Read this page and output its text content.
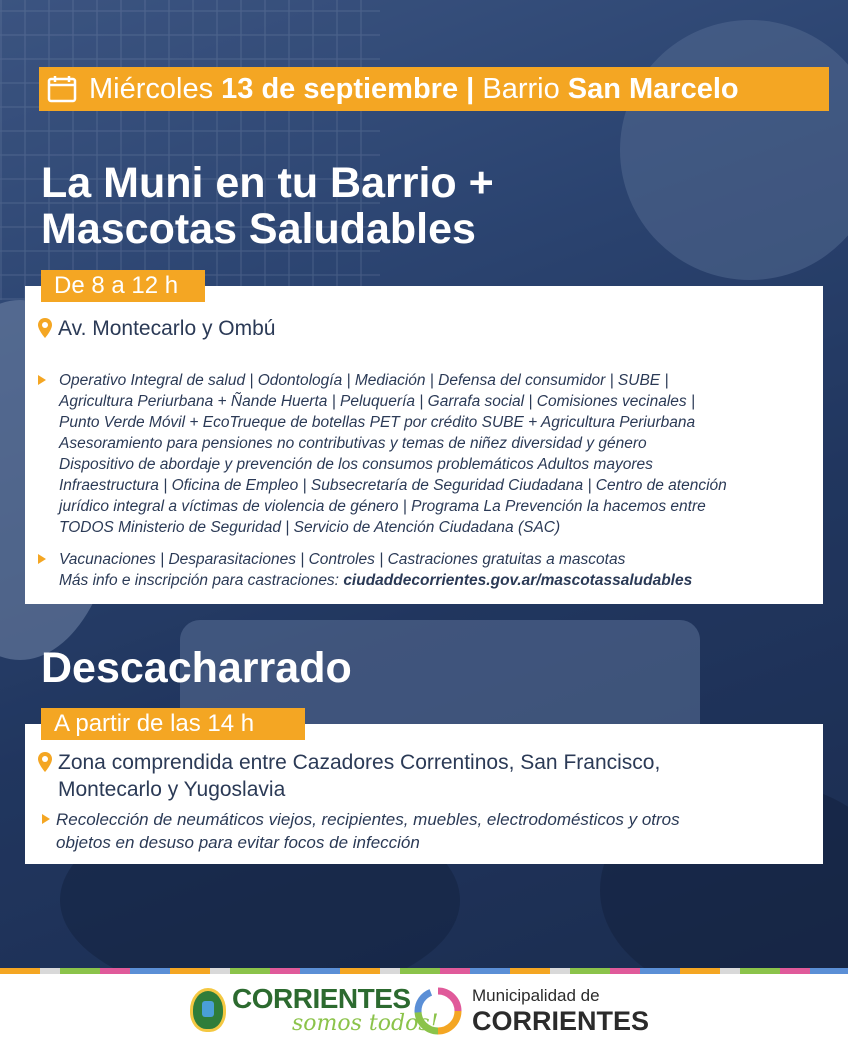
Miércoles
13 de septiembre
|
Barrio
San Marcelo
La Muni en tu Barrio +
Mascotas Saludables
De 8 a 12 h
Av. Montecarlo y Ombú

Operativo Integral de salud | Odontología | Mediación | Defensa del consumidor | SUBE |

Agricultura Periurbana + Ñande Huerta | Peluquería | Garrafa social | Comisiones vecinales |

Punto Verde Móvil + EcoTrueque de botellas PET por crédito SUBE + Agricultura Periurbana

Asesoramiento para pensiones no contributivas y temas de niñez diversidad y género

Dispositivo de abordaje y prevención de los consumos problemáticos Adultos mayores

Infraestructura | Oficina de Empleo | Subsecretaría de Seguridad Ciudadana | Centro de atención

jurídico integral a víctimas de violencia de género | Programa La Prevención la hacemos entre

TODOS Ministerio de Seguridad | Servicio de Atención Ciudadana (SAC)

Vacunaciones | Desparasitaciones | Controles | Castraciones gratuitas a mascotas

Más info e inscripción para castraciones: ciudaddecorrientes.gov.ar/mascotassaludables

Descacharrado
A partir de las 14 h
Zona comprendida entre Cazadores Correntinos, San Francisco,
Montecarlo y Yugoslavia

Recolección de neumáticos viejos, recipientes, muebles, electrodomésticos y otros

objetos en desuso para evitar focos de infección

CORRIENTES
somos todos!
Municipalidad de
CORRIENTES
